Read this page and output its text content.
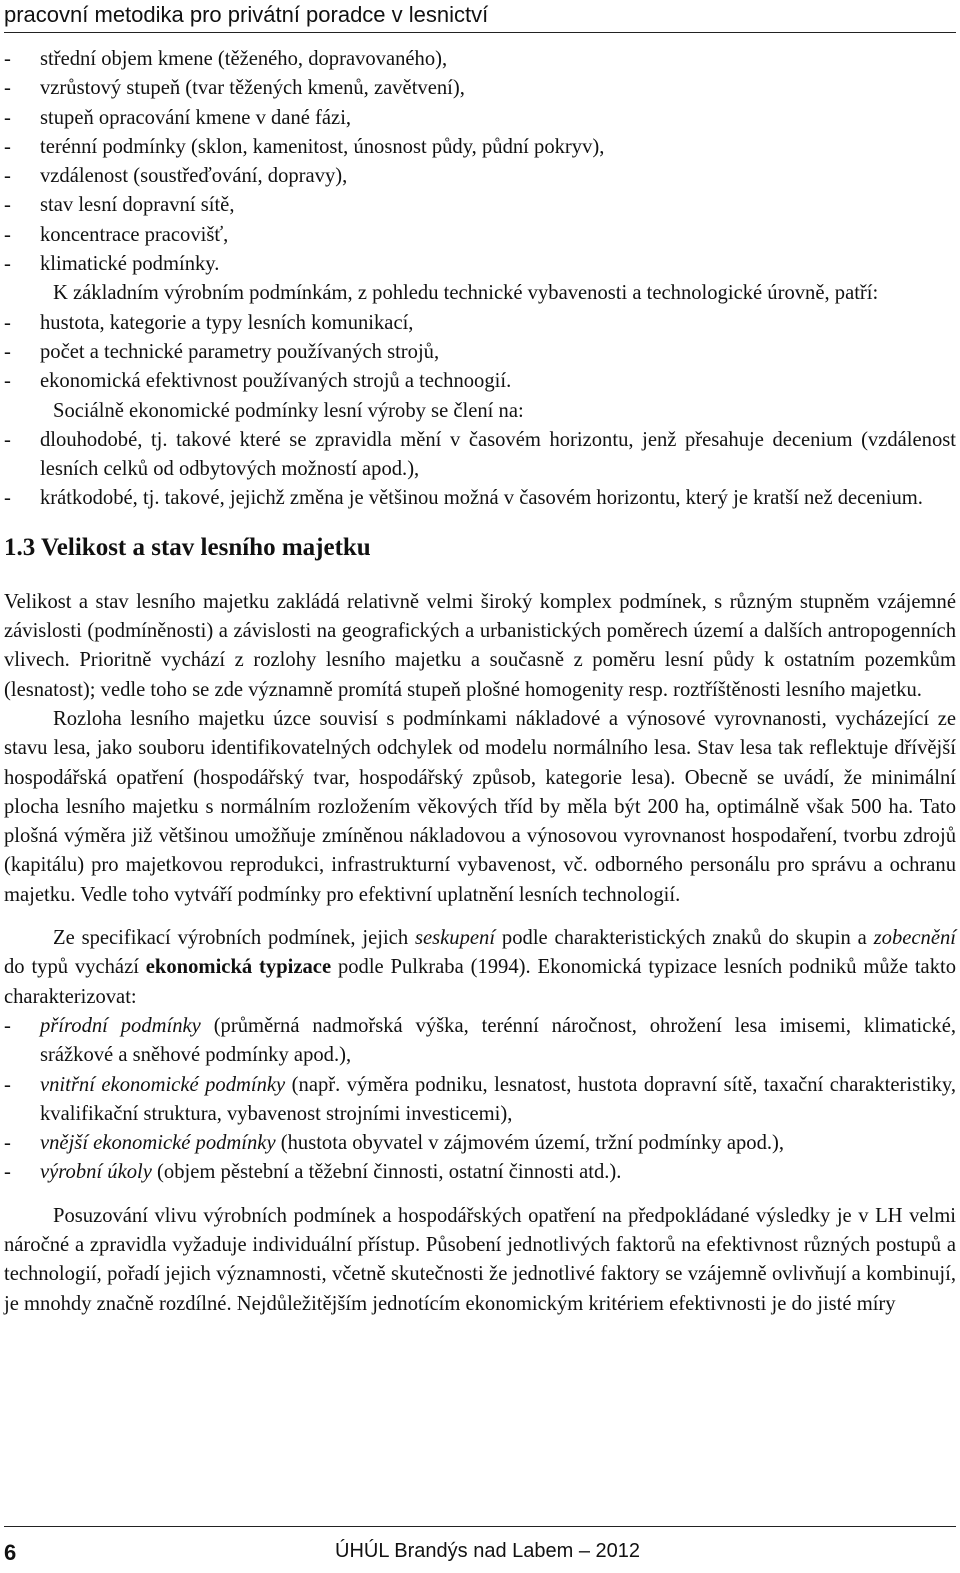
pracovní metodika pro privátní poradce v lesnictví
- střední objem kmene (těženého, dopravovaného),
- vzrůstový stupeň (tvar těžených kmenů, zavětvení),
- stupeň opracování kmene v dané fázi,
- terénní podmínky (sklon, kamenitost, únosnost půdy, půdní pokryv),
- vzdálenost (soustřeďování, dopravy),
- stav lesní dopravní sítě,
- koncentrace pracovišť,
- klimatické podmínky.
K základním výrobním podmínkám, z pohledu technické vybavenosti a technologické úrovně, patří:
- hustota, kategorie a typy lesních komunikací,
- počet a technické parametry používaných strojů,
- ekonomická efektivnost používaných strojů a technoogií.
Sociálně ekonomické podmínky lesní výroby se člení na:
- dlouhodobé, tj. takové které se zpravidla mění v časovém horizontu, jenž přesahuje decenium (vzdálenost lesních celků od odbytových možností apod.),
- krátkodobé, tj. takové, jejichž změna je většinou možná v časovém horizontu, který je kratší než decenium.
1.3 Velikost a stav lesního majetku
Velikost a stav lesního majetku zakládá relativně velmi široký komplex podmínek, s různým stupněm vzájemné závislosti (podmíněnosti) a závislosti na geografických a urbanistických poměrech území a dalších antropogenních vlivech. Prioritně vychází z rozlohy lesního majetku a současně z poměru lesní půdy k ostatním pozemkům (lesnatost); vedle toho se zde významně promítá stupeň plošné homogenity resp. roztříštěnosti lesního majetku.
Rozloha lesního majetku úzce souvisí s podmínkami nákladové a výnosové vyrovnanosti, vycházející ze stavu lesa, jako souboru identifikovatelných odchylek od modelu normálního lesa. Stav lesa tak reflektuje dřívější hospodářská opatření (hospodářský tvar, hospodářský způsob, kategorie lesa). Obecně se uvádí, že minimální plocha lesního majetku s normálním rozložením věkových tříd by měla být 200 ha, optimálně však 500 ha. Tato plošná výměra již většinou umožňuje zmíněnou nákladovou a výnosovou vyrovnanost hospodaření, tvorbu zdrojů (kapitálu) pro majetkovou reprodukci, infrastrukturní vybavenost, vč. odborného personálu pro správu a ochranu majetku. Vedle toho vytváří podmínky pro efektivní uplatnění lesních technologií.
Ze specifikací výrobních podmínek, jejich seskupení podle charakteristických znaků do skupin a zobecnění do typů vychází ekonomická typizace podle Pulkraba (1994). Ekonomická typizace lesních podniků může takto charakterizovat:
- přírodní podmínky (průměrná nadmořská výška, terénní náročnost, ohrožení lesa imisemi, klimatické, srážkové a sněhové podmínky apod.),
- vnitřní ekonomické podmínky (např. výměra podniku, lesnatost, hustota dopravní sítě, taxační charakteristiky, kvalifikační struktura, vybavenost strojními investicemi),
- vnější ekonomické podmínky (hustota obyvatel v zájmovém území, tržní podmínky apod.),
- výrobní úkoly (objem pěstební a těžební činnosti, ostatní činnosti atd.).
Posuzování vlivu výrobních podmínek a hospodářských opatření na předpokládané výsledky je v LH velmi náročné a zpravidla vyžaduje individuální přístup. Působení jednotlivých faktorů na efektivnost různých postupů a technologií, pořadí jejich významnosti, včetně skutečnosti že jednotlivé faktory se vzájemně ovlivňují a kombinují, je mnohdy značně rozdílné. Nejdůležitějším jednotícím ekonomickým kritériem efektivnosti je do jisté míry
6	ÚHÚL Brandýs nad Labem – 2012
